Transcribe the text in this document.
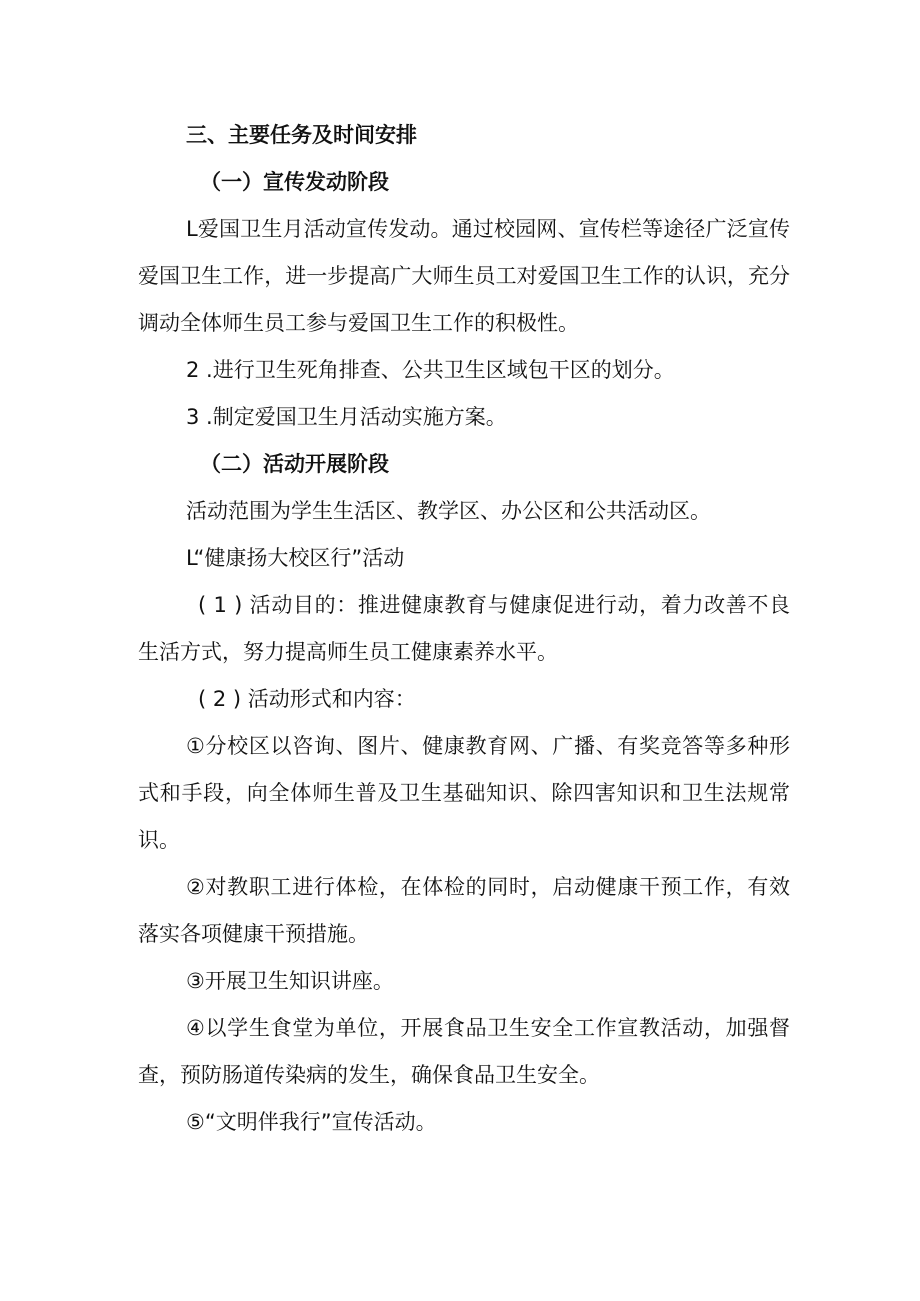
三、主要任务及时间安排

（一）宣传发动阶段

L爱国卫生月活动宣传发动。通过校园网、宣传栏等途径广泛宣传爱国卫生工作，进一步提高广大师生员工对爱国卫生工作的认识，充分调动全体师生员工参与爱国卫生工作的积极性。

2 .进行卫生死角排查、公共卫生区域包干区的划分。

3 .制定爱国卫生月活动实施方案。

（二）活动开展阶段

活动范围为学生生活区、教学区、办公区和公共活动区。

L“健康扬大校区行”活动

( 1 ) 活动目的：推进健康教育与健康促进行动，着力改善不良生活方式，努力提高师生员工健康素养水平。

( 2 ) 活动形式和内容：

①分校区以咨询、图片、健康教育网、广播、有奖竞答等多种形式和手段，向全体师生普及卫生基础知识、除四害知识和卫生法规常识。

②对教职工进行体检，在体检的同时，启动健康干预工作，有效落实各项健康干预措施。

③开展卫生知识讲座。

④以学生食堂为单位，开展食品卫生安全工作宣教活动，加强督查，预防肠道传染病的发生，确保食品卫生安全。

⑤“文明伴我行”宣传活动。
